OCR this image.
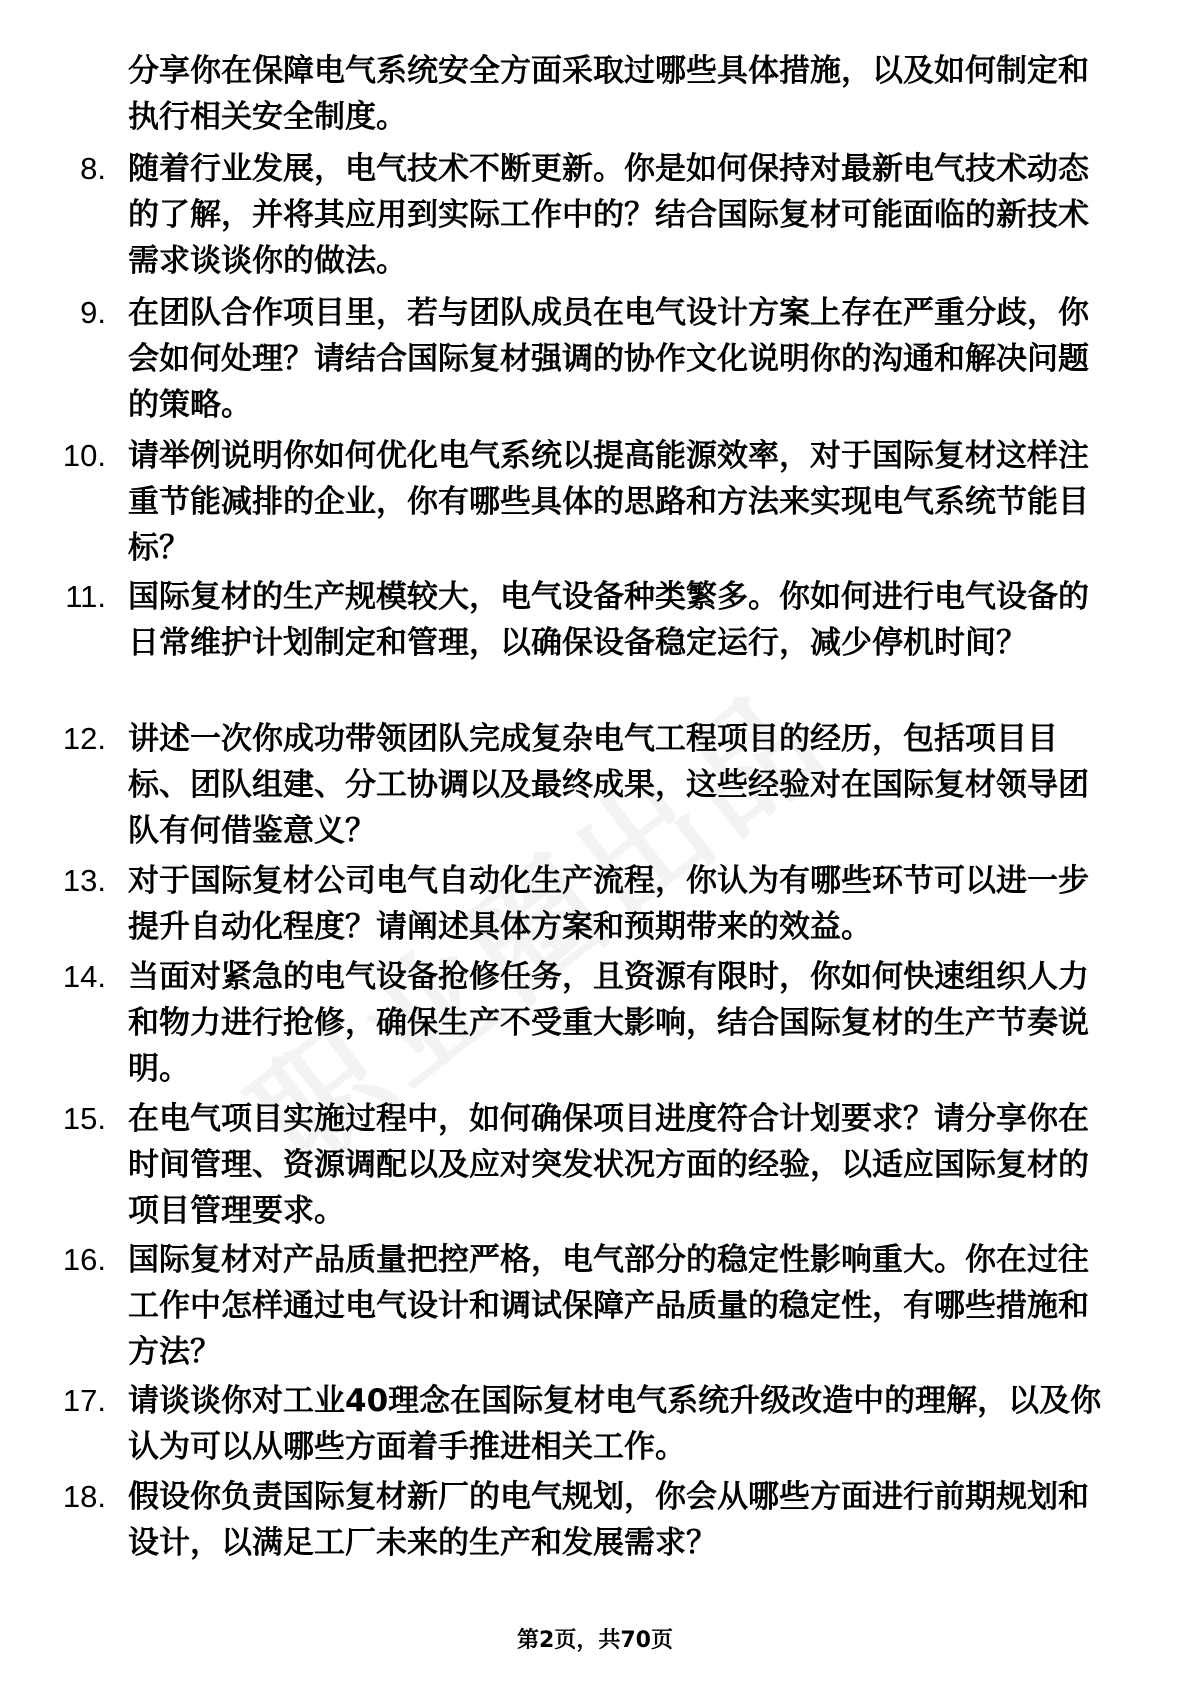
分享你在保障电气系统安全方面采取过哪些具体措施，以及如何制定和执行相关安全制度。

8. 随着行业发展，电气技术不断更新。你是如何保持对最新电气技术动态的了解，并将其应用到实际工作中的？结合国际复材可能面临的新技术需求谈谈你的做法。
9. 在团队合作项目里，若与团队成员在电气设计方案上存在严重分歧，你会如何处理？请结合国际复材强调的协作文化说明你的沟通和解决问题的策略。
10. 请举例说明你如何优化电气系统以提高能源效率，对于国际复材这样注重节能减排的企业，你有哪些具体的思路和方法来实现电气系统节能目标？
11. 国际复材的生产规模较大，电气设备种类繁多。你如何进行电气设备的日常维护计划制定和管理，以确保设备稳定运行，减少停机时间？
12. 讲述一次你成功带领团队完成复杂电气工程项目的经历，包括项目目标、团队组建、分工协调以及最终成果，这些经验对在国际复材领导团队有何借鉴意义？
13. 对于国际复材公司电气自动化生产流程，你认为有哪些环节可以进一步提升自动化程度？请阐述具体方案和预期带来的效益。
14. 当面对紧急的电气设备抢修任务，且资源有限时，你如何快速组织人力和物力进行抢修，确保生产不受重大影响，结合国际复材的生产节奏说明。
15. 在电气项目实施过程中，如何确保项目进度符合计划要求？请分享你在时间管理、资源调配以及应对突发状况方面的经验，以适应国际复材的项目管理要求。
16. 国际复材对产品质量把控严格，电气部分的稳定性影响重大。你在过往工作中怎样通过电气设计和调试保障产品质量的稳定性，有哪些措施和方法？
17. 请谈谈你对工业40理念在国际复材电气系统升级改造中的理解，以及你认为可以从哪些方面着手推进相关工作。
18. 假设你负责国际复材新厂的电气规划，你会从哪些方面进行前期规划和设计，以满足工厂未来的生产和发展需求？
第2页，共70页
